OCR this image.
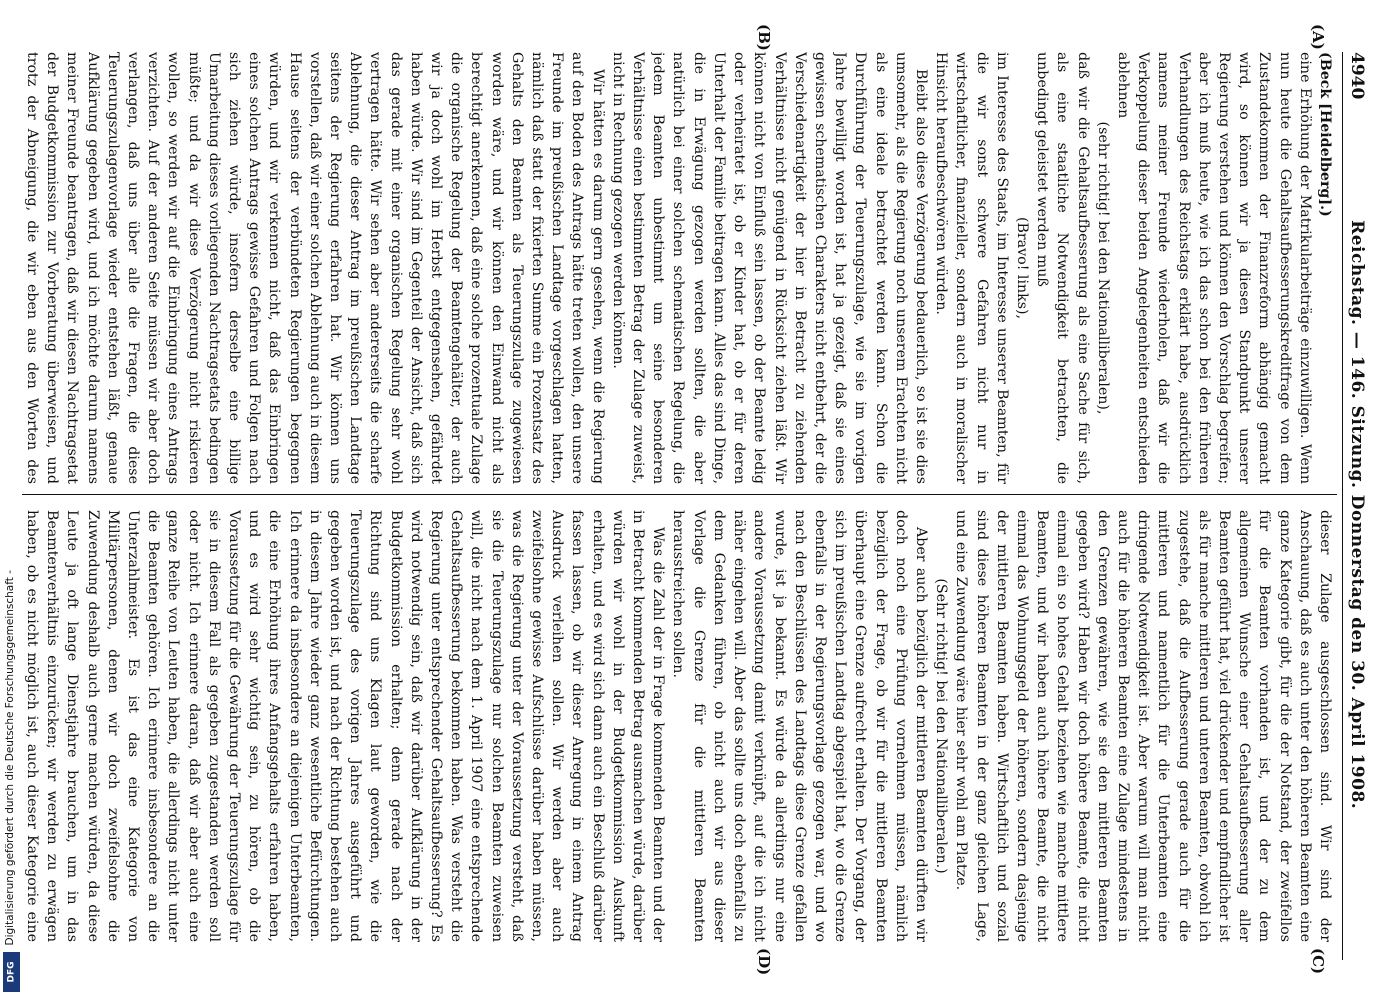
4940
Reichstag. — 146. Sitzung. Donnerstag den 30. April 1908.
(A)
(B)
(C)
(D)

(Beck [Heidelberg].)

eine Erhöhung der Matrikularbeiträge einzuwilligen. Wenn nun heute die Gehaltsaufbesserungskreditfrage von dem Zustandekommen der Finanzreform abhängig gemacht wird, so können wir ja diesen Standpunkt unserer Regierung verstehen und können den Vorschlag begreifen; aber ich muß heute, wie ich das schon bei den früheren Verhandlungen des Reichstags erklärt habe, ausdrücklich namens meiner Freunde wiederholen, daß wir die Verkoppelung dieser beiden Angelegenheiten entschieden ablehnen

(sehr richtig! bei den Nationalliberalen),

daß wir die Gehaltsaufbesserung als eine Sache für sich, als eine staatliche Notwendigkeit betrachten, die unbedingt geleistet werden muß

(Bravo! links),

im Interesse des Staats, im Interesse unserer Beamten, für die wir sonst schwere Gefahren nicht nur in wirtschaftlicher, finanzieller, sondern auch in moralischer Hinsicht heraufbeschwören würden.

Bleibt also diese Verzögerung bedauerlich, so ist sie dies umsomehr, als die Regierung noch unserem Erachten nicht als eine ideale betrachtet werden kann. Schon die Durchführung der Teuerungszulage, wie sie im vorigen Jahre bewilligt worden ist, hat ja gezeigt, daß sie eines gewissen schematischen Charakters nicht entbehrt, der die Verschiedenartigkeit der hier in Betracht zu ziehenden Verhältnisse nicht genügend in Rücksicht ziehen läßt. Wir können nicht von Einfluß sein lassen, ob der Beamte ledig oder verheiratet ist, ob er Kinder hat, ob er für deren Unterhalt der Familie beitragen kann. Alles das sind Dinge, die in Erwägung gezogen werden sollten, die aber natürlich bei einer solchen schematischen Regelung, die jedem Beamten unbestimmt um seine besonderen Verhältnisse einen bestimmten Betrag der Zulage zuweist, nicht in Rechnung gezogen werden können.

Wir hätten es darum gern gesehen, wenn die Regierung auf den Boden des Antrags hätte treten wollen, den unsere Freunde im preußischen Landtage vorgeschlagen hatten, nämlich daß statt der fixierten Summe ein Prozentsatz des Gehalts den Beamten als Teuerungszulage zugewiesen worden wäre, und wir können den Einwand nicht als berechtigt anerkennen, daß eine solche prozentuale Zulage die organische Regelung der Beamtengehälter, der auch wir ja doch wohl im Herbst entgegensehen, gefährdet haben würde. Wir sind im Gegenteil der Ansicht, daß sich das gerade mit einer organischen Regelung sehr wohl vertragen hätte. Wir sehen aber andererseits die scharfe Ablehnung, die dieser Antrag im preußischen Landtage seitens der Regierung erfahren hat. Wir können uns vorstellen, daß wir einer solchen Ablehnung auch in diesem Hause seitens der verbündeten Regierungen begegnen würden, und wir verkennen nicht, daß das Einbringen eines solchen Antrags gewisse Gefahren und Folgen nach sich ziehen würde, insofern derselbe eine billige Umarbeitung dieses vorliegenden Nachtragsetats bedingen müßte; und da wir diese Verzögerung nicht riskieren wollen, so werden wir auf die Einbringung eines Antrags verzichten. Auf der anderen Seite müssen wir aber doch verlangen, daß uns über alle die Fragen, die diese Teuerungszulagenvorlage wieder entstehen läßt, genaue Aufklärung gegeben wird, und ich möchte darum namens meiner Freunde beantragen, daß wir diesen Nachtragsetat der Budgetkommission zur Vorberatung überweisen, und trotz der Abneigung, die wir eben aus den Worten des

dieser Zulage ausgeschlossen sind. Wir sind der Anschauung, daß es auch unter den höheren Beamten eine ganze Kategorie gibt, für die der Notstand, der zweifellos für die Beamten vorhanden ist, und der zu dem allgemeinen Wunsche einer Gehaltsaufbesserung aller Beamten geführt hat, viel drückender und empfindlicher ist als für manche mittleren und unteren Beamten, obwohl ich zugestehe, daß die Aufbesserung gerade auch für die mittleren und namentlich für die Unterbeamten eine dringende Notwendigkeit ist. Aber warum will man nicht auch für die höheren Beamten eine Zulage mindestens in den Grenzen gewähren, wie sie den mittleren Beamten gegeben wird? Haben wir doch höhere Beamte, die nicht einmal ein so hohes Gehalt beziehen wie manche mittlere Beamten, und wir haben auch höhere Beamte, die nicht einmal das Wohnungsgeld der höheren, sondern dasjenige der mittleren Beamten haben. Wirtschaftlich und sozial sind diese höheren Beamten in der ganz gleichen Lage, und eine Zuwendung wäre hier sehr wohl am Platze.

(Sehr richtig! bei den Nationalliberalen.)

Aber auch bezüglich der mittleren Beamten dürften wir doch noch eine Prüfung vornehmen müssen, nämlich bezüglich der Frage, ob wir für die mittleren Beamten überhaupt eine Grenze aufrecht erhalten. Der Vorgang, der sich im preußischen Landtag abgespielt hat, wo die Grenze ebenfalls in der Regierungsvorlage gezogen war, und wo nach den Beschlüssen des Landtags diese Grenze gefallen wurde, ist ja bekannt. Es würde da allerdings nur eine andere Voraussetzung damit verknüpft, auf die ich nicht näher eingehen will. Aber das sollte uns doch ebenfalls zu dem Gedanken führen, ob nicht auch wir aus dieser Vorlage die Grenze für die mittleren Beamten herausstreichen sollen.

Was die Zahl der in Frage kommenden Beamten und der in Betracht kommenden Betrag ausmachen würde, darüber würden wir wohl in der Budgetkommission Auskunft erhalten, und es wird sich dann auch ein Beschluß darüber fassen lassen, ob wir dieser Anregung in einem Antrag Ausdruck verleihen sollen. Wir werden aber auch zweifelsohne gewisse Aufschlüsse darüber haben müssen, was die Regierung unter der Voraussetzung versteht, daß sie die Teuerungszulage nur solchen Beamten zuweisen will, die nicht nach dem 1. April 1907 eine entsprechende Gehaltsaufbesserung bekommen haben. Was versteht die Regierung unter entsprechender Gehaltsaufbesserung? Es wird notwendig sein, daß wir darüber Aufklärung in der Budgetkommission erhalten; denn gerade nach der Richtung sind uns Klagen laut geworden, wie die Teuerungszulage des vorigen Jahres ausgeführt und gegeben worden ist, und nach der Richtung bestehen auch in diesem Jahre wieder ganz wesentliche Befürchtungen. Ich erinnere da insbesondere an diejenigen Unterbeamten, die eine Erhöhung ihres Anfangsgehalts erfahren haben, und es wird sehr wichtig sein, zu hören, ob die Voraussetzung für die Gewährung der Teuerungszulage für sie in diesem Fall als gegeben zugestanden werden soll oder nicht. Ich erinnere daran, daß wir aber auch eine ganze Reihe von Leuten haben, die allerdings nicht unter die Beamten gehören. Ich erinnere insbesondere an die Unterzahlmeister. Es ist das eine Kategorie von Militärpersonen, denen wir doch zweifelsohne die Zuwendung deshalb auch gerne machen würden, da diese Leute ja oft lange Dienstjahre brauchen, um in das Beamtenverhältnis einzurücken; wir werden zu erwägen haben, ob es nicht möglich ist, auch dieser Kategorie eine

Digitalisierung gefördert durch die Deutsche Forschungsgemeinschaft -
DFG
